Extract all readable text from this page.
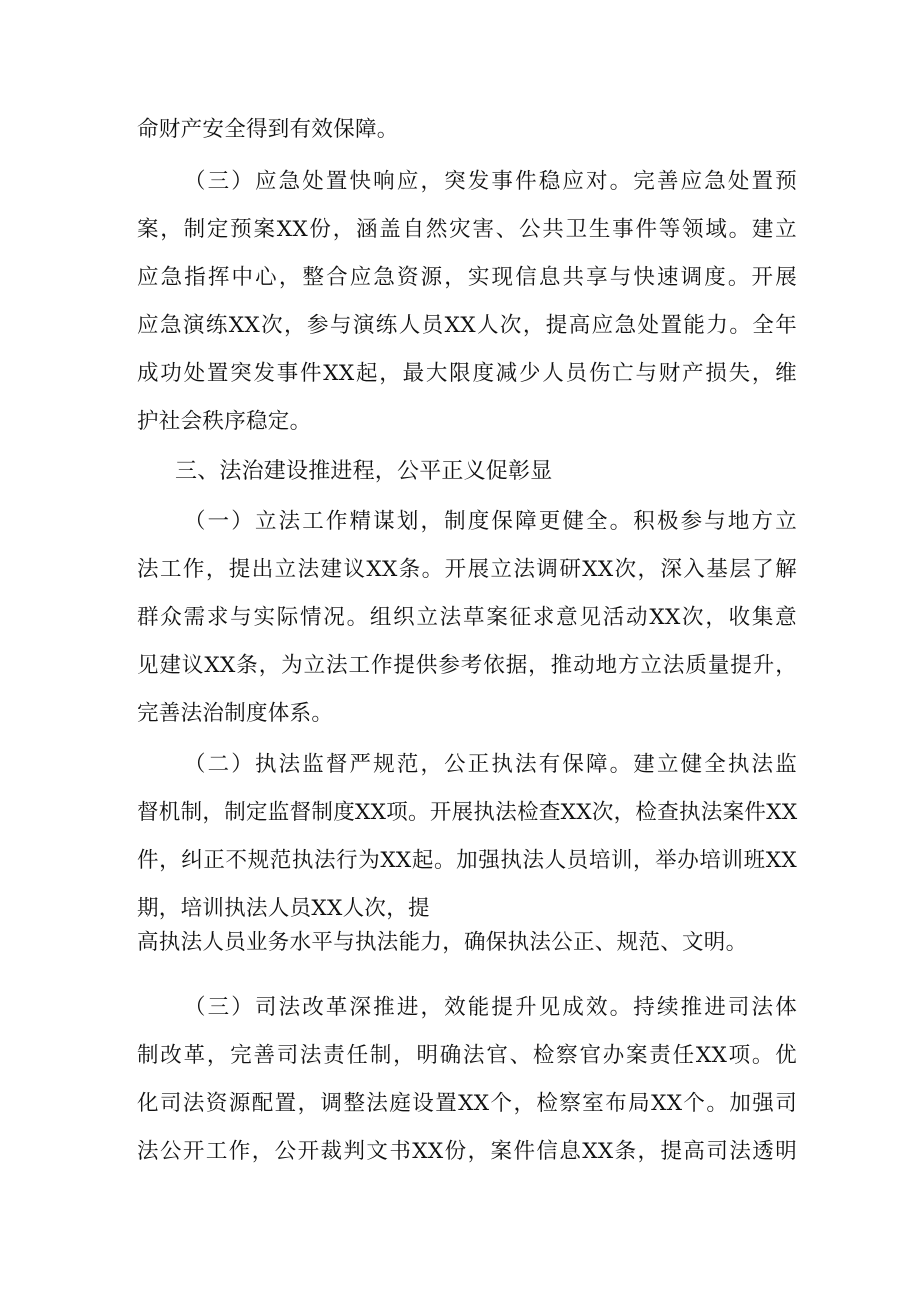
命财产安全得到有效保障。
（三）应急处置快响应，突发事件稳应对。完善应急处置预
案，制定预案XX份，涵盖自然灾害、公共卫生事件等领域。建立
应急指挥中心，整合应急资源，实现信息共享与快速调度。开展
应急演练XX次，参与演练人员XX人次，提高应急处置能力。全年
成功处置突发事件XX起，最大限度减少人员伤亡与财产损失，维
护社会秩序稳定。
三、法治建设推进程，公平正义促彰显
（一）立法工作精谋划，制度保障更健全。积极参与地方立
法工作，提出立法建议XX条。开展立法调研XX次，深入基层了解
群众需求与实际情况。组织立法草案征求意见活动XX次，收集意
见建议XX条，为立法工作提供参考依据，推动地方立法质量提升，
完善法治制度体系。
（二）执法监督严规范，公正执法有保障。建立健全执法监
督机制，制定监督制度XX项。开展执法检查XX次，检查执法案件XX
件，纠正不规范执法行为XX起。加强执法人员培训，举办培训班XX
期，培训执法人员XX人次，提
高执法人员业务水平与执法能力，确保执法公正、规范、文明。
（三）司法改革深推进，效能提升见成效。持续推进司法体
制改革，完善司法责任制，明确法官、检察官办案责任XX项。优
化司法资源配置，调整法庭设置XX个，检察室布局XX个。加强司
法公开工作，公开裁判文书XX份，案件信息XX条，提高司法透明
